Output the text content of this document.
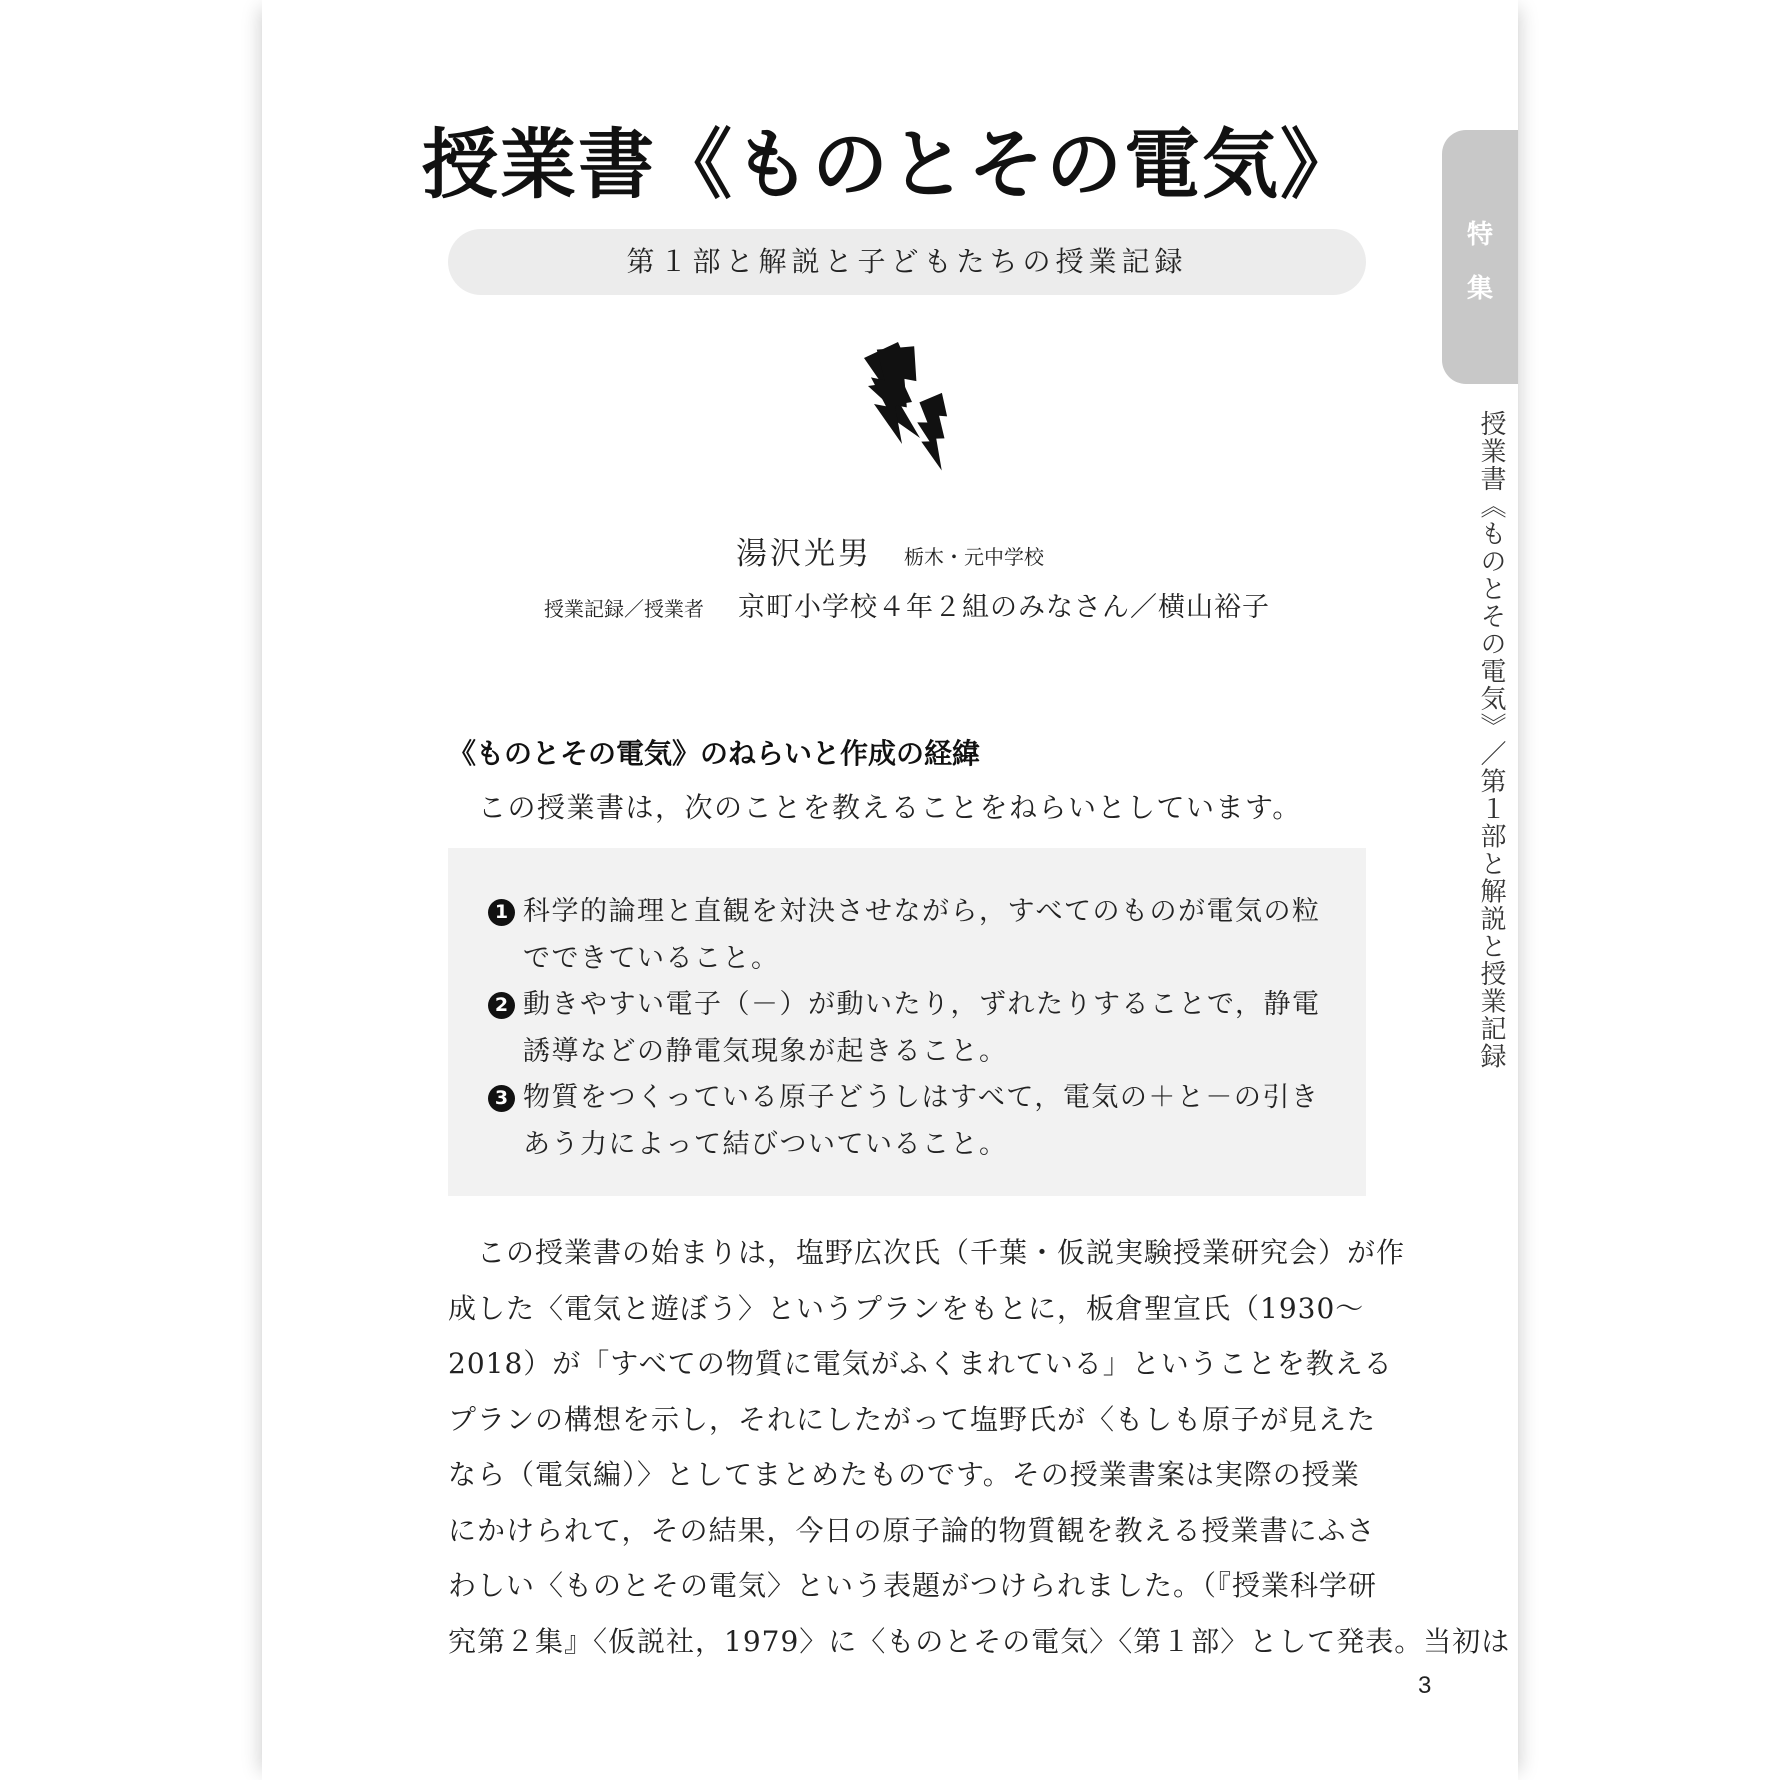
授業書《ものとその電気》
第１部と解説と子どもたちの授業記録
湯沢光男 栃木・元中学校
授業記録／授業者 京町小学校４年２組のみなさん／横山裕子
《ものとその電気》のねらいと作成の経緯
この授業書は，次のことを教えることをねらいとしています。
1 科学的論理と直観を対決させながら，すべてのものが電気の粒
でできていること。
2 動きやすい電子（－）が動いたり，ずれたりすることで，静電
誘導などの静電気現象が起きること。
3 物質をつくっている原子どうしはすべて，電気の＋と－の引き
あう力によって結びついていること。
　この授業書の始まりは，塩野広次氏（千葉・仮説実験授業研究会）が作
成した〈電気と遊ぼう〉というプランをもとに，板倉聖宣氏（1930～
2018）が「すべての物質に電気がふくまれている」ということを教える
プランの構想を示し，それにしたがって塩野氏が〈もしも原子が見えた
なら（電気編）〉としてまとめたものです。その授業書案は実際の授業
にかけられて，その結果，今日の原子論的物質観を教える授業書にふさ
わしい〈ものとその電気〉という表題がつけられました。（『授業科学研
究第２集』〈仮説社，1979〉に〈ものとその電気〉〈第１部〉として発表。当初は
3
特
集
授業書《ものとその電気》／第１部と解説と授業記録
